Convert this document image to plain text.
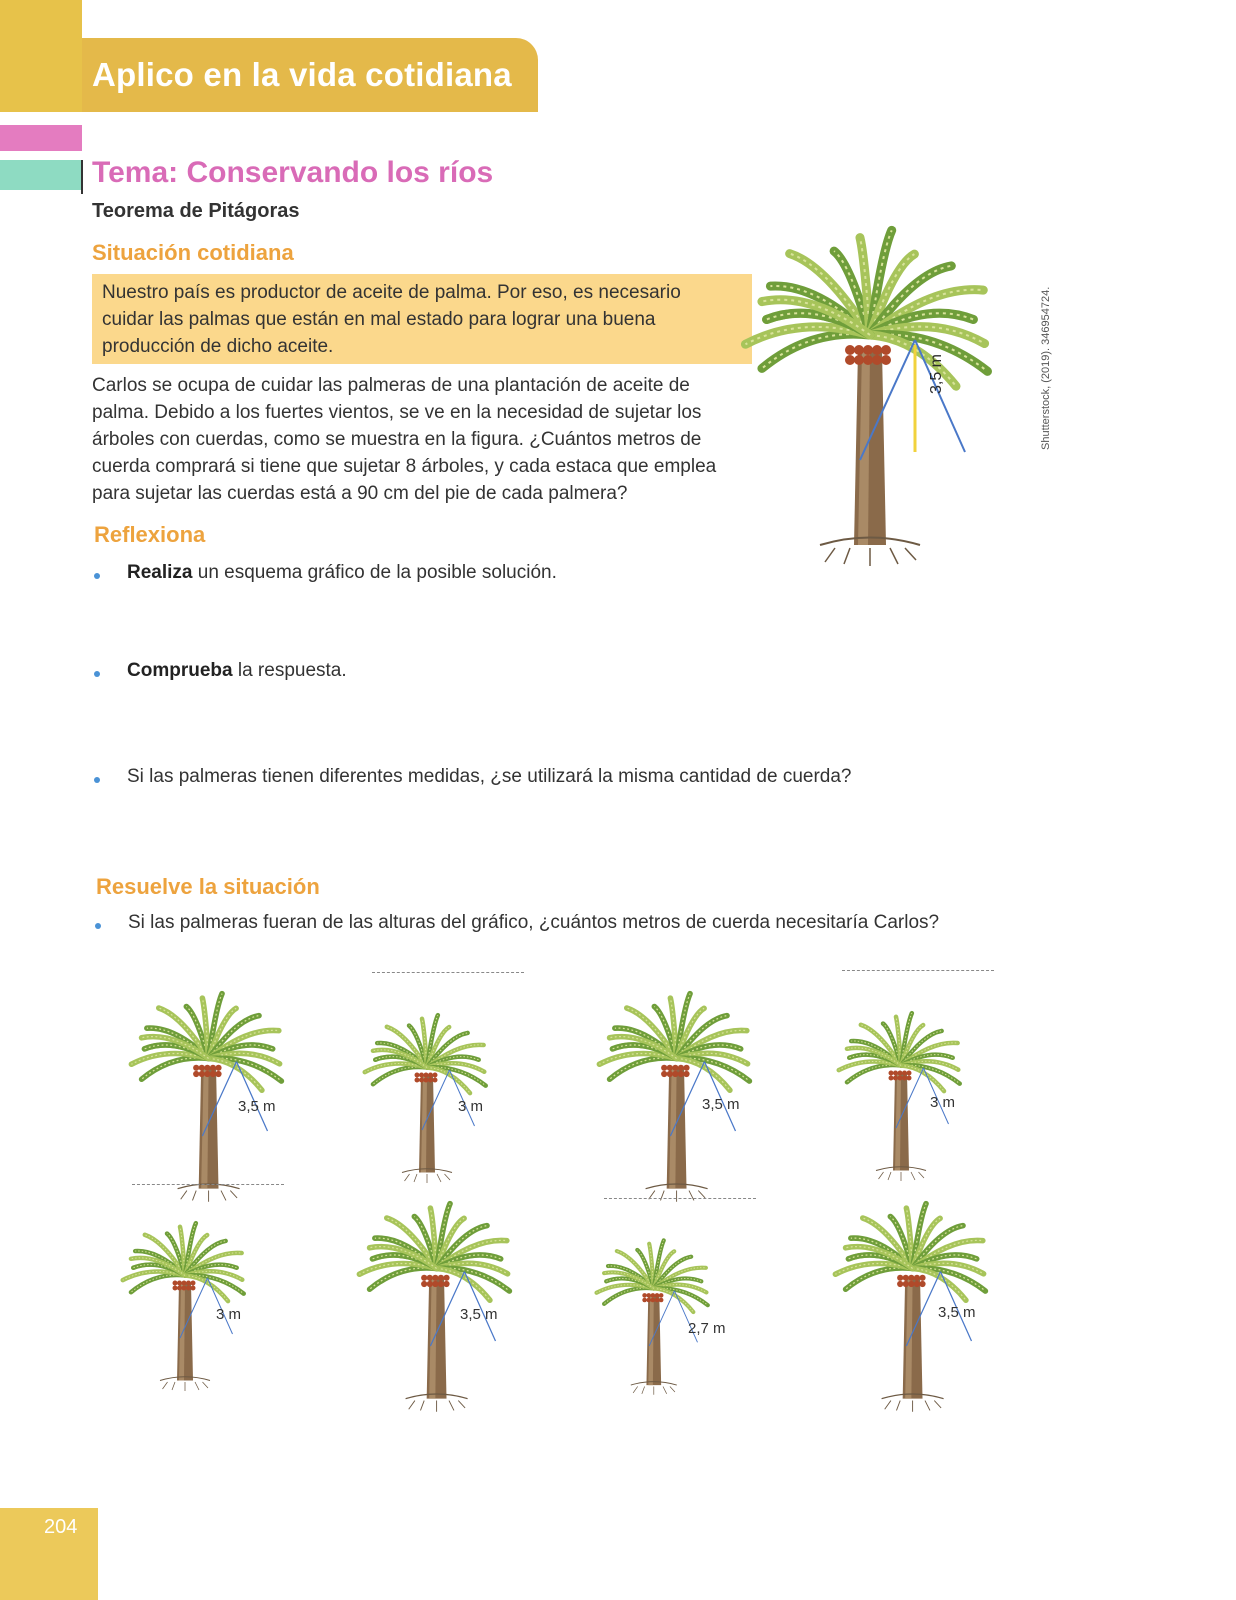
Aplico en la vida cotidiana
Tema: Conservando los ríos
Teorema de Pitágoras
Situación cotidiana
Nuestro país es productor de aceite de palma. Por eso, es necesario cuidar las palmas que están en mal estado para lograr una buena producción de dicho aceite.
Carlos se ocupa de cuidar las palmeras de una plantación de aceite de palma. Debido a los fuertes vientos, se ve en la necesidad de sujetar los árboles con cuerdas, como se muestra en la figura. ¿Cuántos metros de cuerda comprará si tiene que sujetar 8 árboles, y cada estaca que emplea para sujetar las cuerdas está a 90 cm del pie de cada palmera?
3,5 m	Shutterstock, (2019). 346954724.
Reflexiona
Realiza un esquema gráfico de la posible solución.
Comprueba la respuesta.
Si las palmeras tienen diferentes medidas, ¿se utilizará la misma cantidad de cuerda?
Resuelve la situación
Si las palmeras fueran de las alturas del gráfico, ¿cuántos metros de cuerda necesitaría Carlos?
3,5 m	3 m	3,5 m	3 m
3 m	3,5 m
2,7 m
3,5 m
204
